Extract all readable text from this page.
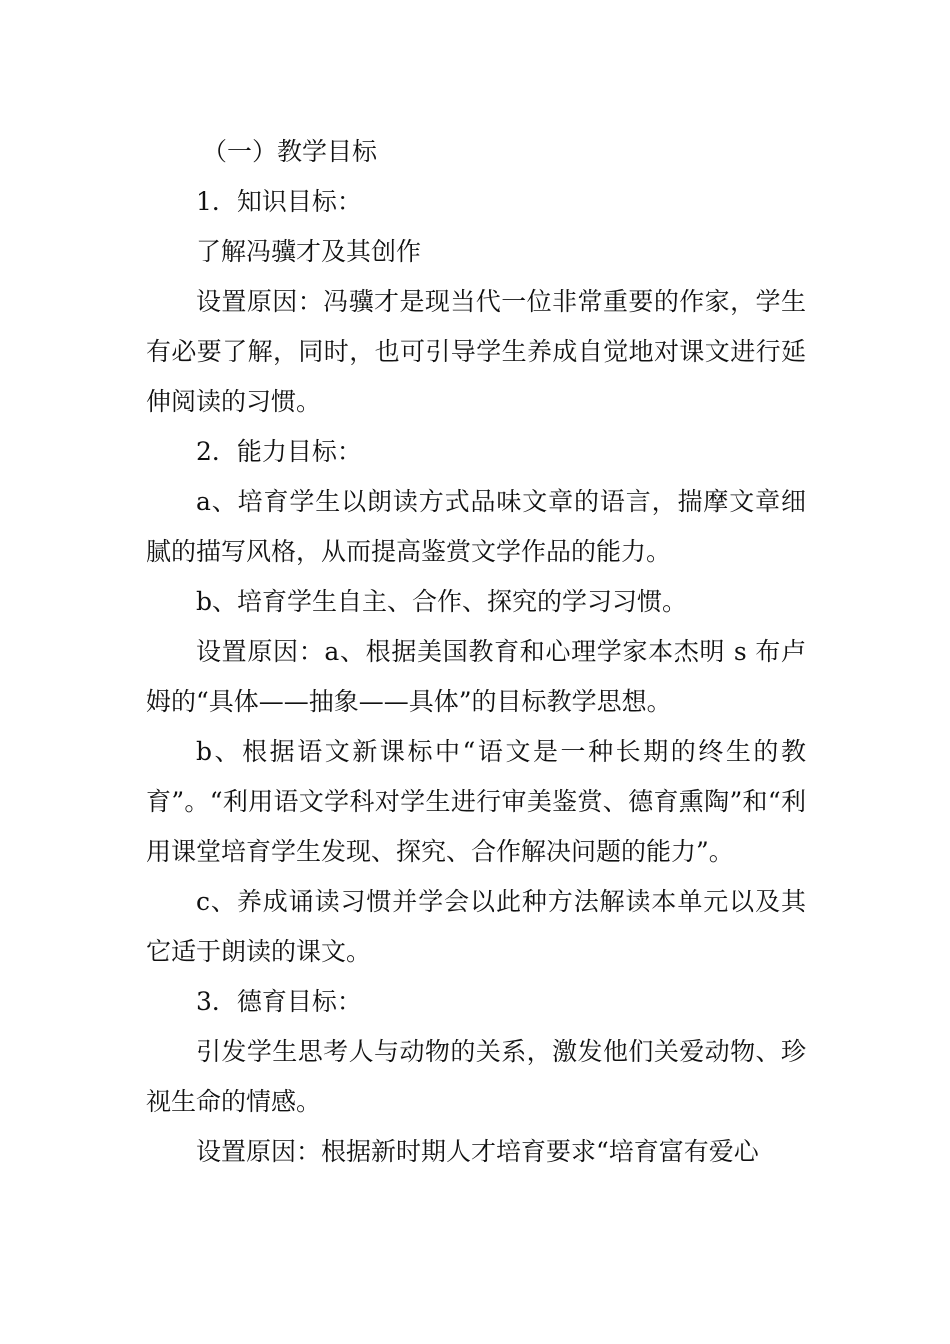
（一）教学目标

1．知识目标：

了解冯骥才及其创作

设置原因：冯骥才是现当代一位非常重要的作家，学生有必要了解，同时，也可引导学生养成自觉地对课文进行延伸阅读的习惯。

2．能力目标：

a、培育学生以朗读方式品味文章的语言，揣摩文章细腻的描写风格，从而提高鉴赏文学作品的能力。

b、培育学生自主、合作、探究的学习习惯。

设置原因：a、根据美国教育和心理学家本杰明 s 布卢姆的“具体——抽象——具体”的目标教学思想。

b、根据语文新课标中“语文是一种长期的终生的教育”。“利用语文学科对学生进行审美鉴赏、德育熏陶”和“利用课堂培育学生发现、探究、合作解决问题的能力”。

c、养成诵读习惯并学会以此种方法解读本单元以及其它适于朗读的课文。

3．德育目标：

引发学生思考人与动物的关系，激发他们关爱动物、珍视生命的情感。

设置原因：根据新时期人才培育要求“培育富有爱心
